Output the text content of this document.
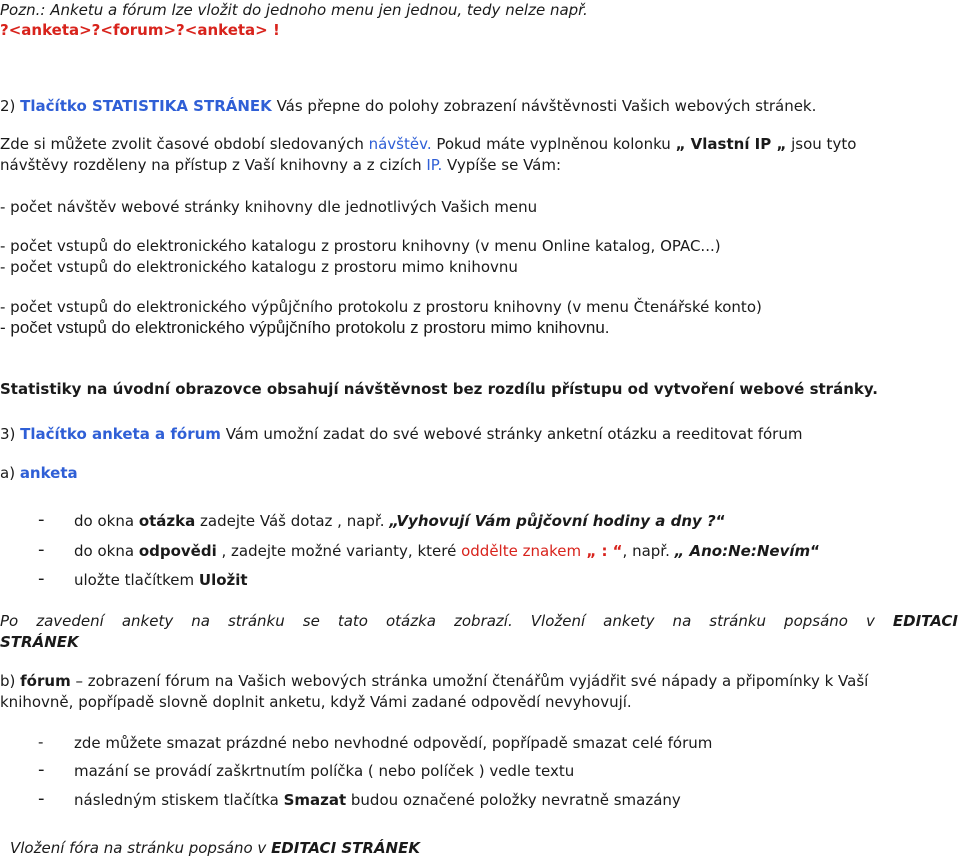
Pozn.: Anketu a fórum lze vložit do jednoho menu jen jednou, tedy nelze např.
?<anketa>?<forum>?<anketa> !
2) Tlačítko STATISTIKA STRÁNEK Vás přepne do polohy zobrazení návštěvnosti Vašich webových stránek.
Zde si můžete zvolit časové období sledovaných návštěv. Pokud máte vyplněnou kolonku „ Vlastní IP „ jsou tyto
návštěvy rozděleny na přístup z Vaší knihovny a z cizích IP. Vypíše se Vám:
- počet návštěv webové stránky knihovny dle jednotlivých Vašich menu
- počet vstupů do elektronického katalogu z prostoru knihovny (v menu Online katalog, OPAC...)
- počet vstupů do elektronického katalogu z prostoru mimo knihovnu
- počet vstupů do elektronického výpůjčního protokolu z prostoru knihovny (v menu Čtenářské konto)
- počet vstupů do elektronického výpůjčního protokolu z prostoru mimo knihovnu.
Statistiky na úvodní obrazovce obsahují návštěvnost bez rozdílu přístupu od vytvoření webové stránky.
3) Tlačítko anketa a fórum Vám umožní zadat do své webové stránky anketní otázku a reeditovat fórum
a) anketa
- do okna otázka zadejte Váš dotaz , např. „Vyhovují Vám půjčovní hodiny a dny ?“
- do okna odpovědi , zadejte možné varianty, které oddělte znakem „ : “, např. „ Ano:Ne:Nevím“
- uložte tlačítkem Uložit
Po zavedení ankety na stránku se tato otázka zobrazí. Vložení ankety na stránku popsáno v EDITACI
STRÁNEK
b) fórum – zobrazení fórum na Vašich webových stránka umožní čtenářům vyjádřit své nápady a připomínky k Vaší
knihovně, popřípadě slovně doplnit anketu, když Vámi zadané odpovědí nevyhovují.
- zde můžete smazat prázdné nebo nevhodné odpovědí, popřípadě smazat celé fórum
- mazání se provádí zaškrtnutím políčka ( nebo políček ) vedle textu
- následným stiskem tlačítka Smazat budou označené položky nevratně smazány
Vložení fóra na stránku popsáno v EDITACI STRÁNEK
